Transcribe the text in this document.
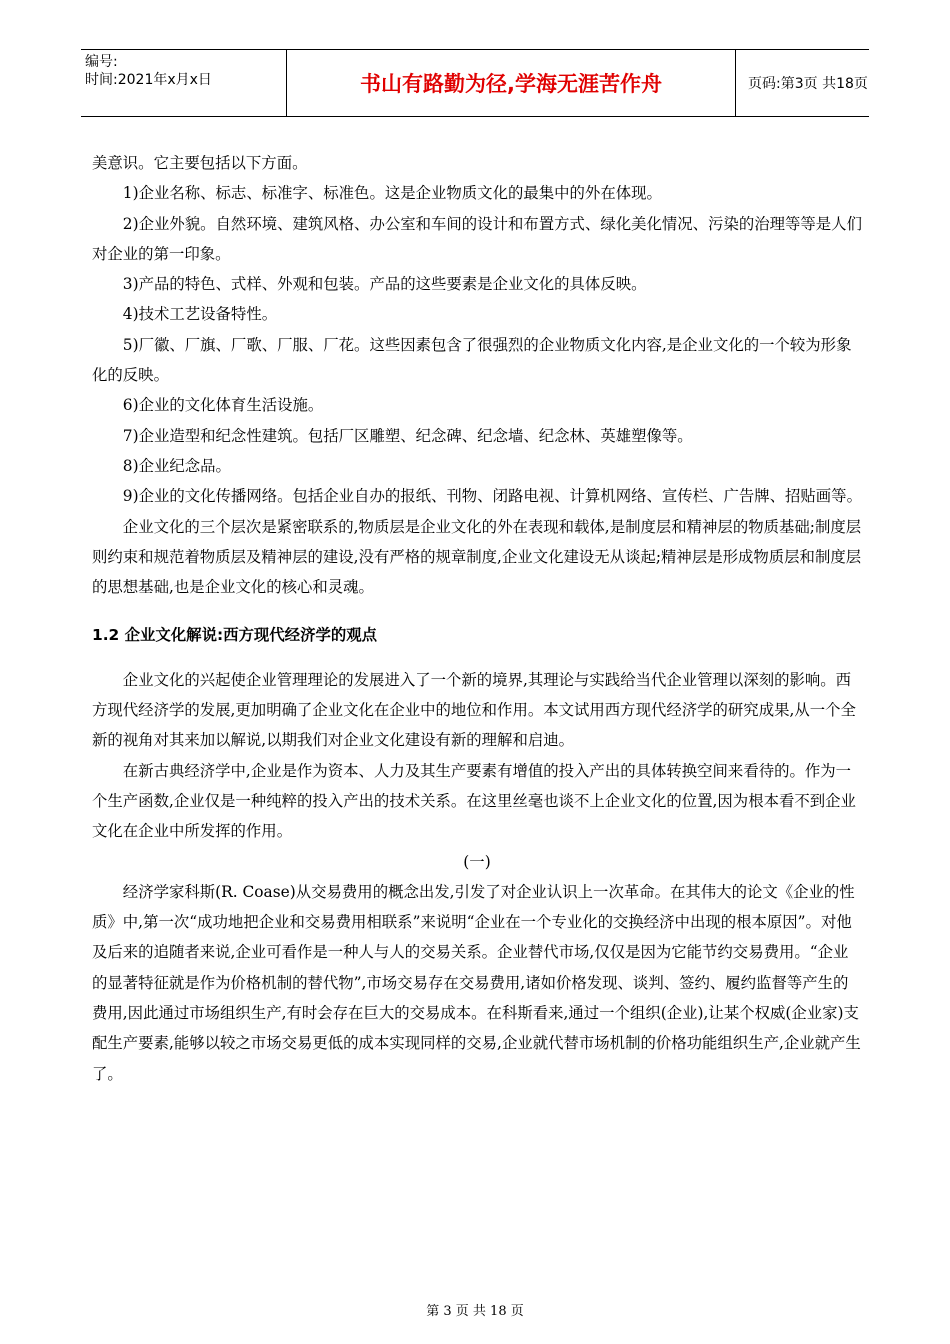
编号:
时间:2021年x月x日	书山有路勤为径,学海无涯苦作舟	页码:第3页 共18页

美意识。它主要包括以下方面。

1)企业名称、标志、标准字、标准色。这是企业物质文化的最集中的外在体现。

2)企业外貌。自然环境、建筑风格、办公室和车间的设计和布置方式、绿化美化情况、污染的治理等等是人们对企业的第一印象。

3)产品的特色、式样、外观和包装。产品的这些要素是企业文化的具体反映。

4)技术工艺设备特性。

5)厂徽、厂旗、厂歌、厂服、厂花。这些因素包含了很强烈的企业物质文化内容,是企业文化的一个较为形象化的反映。

6)企业的文化体育生活设施。

7)企业造型和纪念性建筑。包括厂区雕塑、纪念碑、纪念墙、纪念林、英雄塑像等。

8)企业纪念品。

9)企业的文化传播网络。包括企业自办的报纸、刊物、闭路电视、计算机网络、宣传栏、广告牌、招贴画等。

企业文化的三个层次是紧密联系的,物质层是企业文化的外在表现和载体,是制度层和精神层的物质基础;制度层则约束和规范着物质层及精神层的建设,没有严格的规章制度,企业文化建设无从谈起;精神层是形成物质层和制度层的思想基础,也是企业文化的核心和灵魂。

1.2 企业文化解说:西方现代经济学的观点

企业文化的兴起使企业管理理论的发展进入了一个新的境界,其理论与实践给当代企业管理以深刻的影响。西方现代经济学的发展,更加明确了企业文化在企业中的地位和作用。本文试用西方现代经济学的研究成果,从一个全新的视角对其来加以解说,以期我们对企业文化建设有新的理解和启迪。

在新古典经济学中,企业是作为资本、人力及其生产要素有增值的投入产出的具体转换空间来看待的。作为一个生产函数,企业仅是一种纯粹的投入产出的技术关系。在这里丝毫也谈不上企业文化的位置,因为根本看不到企业文化在企业中所发挥的作用。

(一)

经济学家科斯(R. Coase)从交易费用的概念出发,引发了对企业认识上一次革命。在其伟大的论文《企业的性质》中,第一次“成功地把企业和交易费用相联系”来说明“企业在一个专业化的交换经济中出现的根本原因”。对他及后来的追随者来说,企业可看作是一种人与人的交易关系。企业替代市场,仅仅是因为它能节约交易费用。“企业的显著特征就是作为价格机制的替代物”,市场交易存在交易费用,诸如价格发现、谈判、签约、履约监督等产生的费用,因此通过市场组织生产,有时会存在巨大的交易成本。在科斯看来,通过一个组织(企业),让某个权威(企业家)支配生产要素,能够以较之市场交易更低的成本实现同样的交易,企业就代替市场机制的价格功能组织生产,企业就产生了。

第 3 页 共 18 页
